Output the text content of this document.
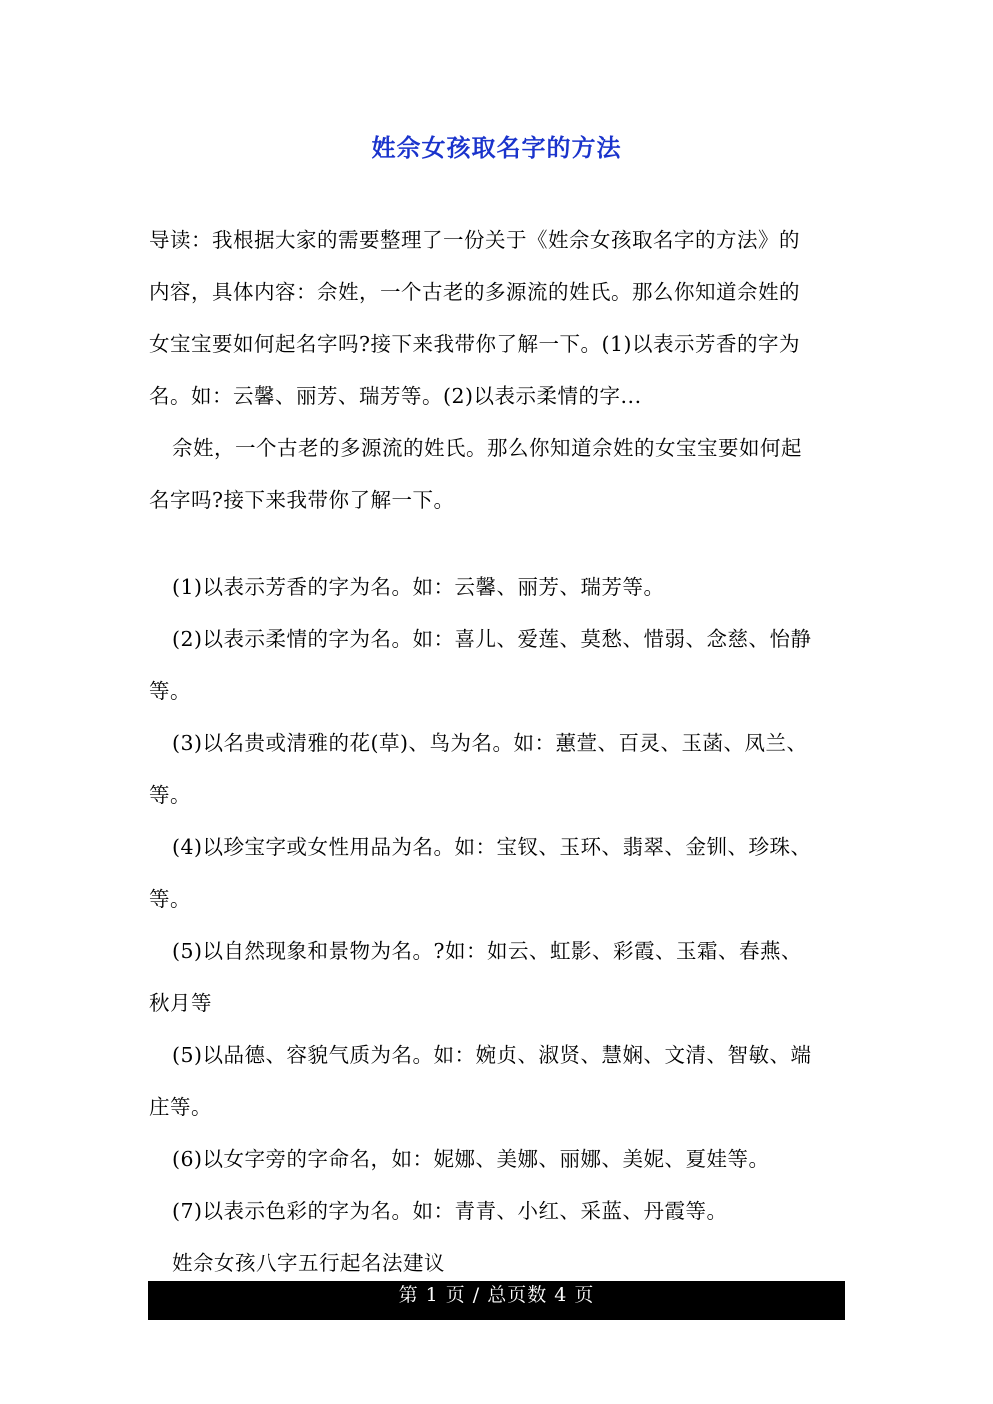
姓佘女孩取名字的方法

导读：我根据大家的需要整理了一份关于《姓佘女孩取名字的方法》的

内容，具体内容：佘姓，一个古老的多源流的姓氏。那么你知道佘姓的

女宝宝要如何起名字吗?接下来我带你了解一下。(1)以表示芳香的字为

名。如：云馨、丽芳、瑞芳等。(2)以表示柔情的字...

佘姓，一个古老的多源流的姓氏。那么你知道佘姓的女宝宝要如何起

名字吗?接下来我带你了解一下。

(1)以表示芳香的字为名。如：云馨、丽芳、瑞芳等。

(2)以表示柔情的字为名。如：喜儿、爱莲、莫愁、惜弱、念慈、怡静

等。

(3)以名贵或清雅的花(草)、鸟为名。如：蕙萱、百灵、玉菡、凤兰、

等。

(4)以珍宝字或女性用品为名。如：宝钗、玉环、翡翠、金钏、珍珠、

等。

(5)以自然现象和景物为名。?如：如云、虹影、彩霞、玉霜、春燕、

秋月等

(5)以品德、容貌气质为名。如：婉贞、淑贤、慧娴、文清、智敏、端

庄等。

(6)以女字旁的字命名，如：妮娜、美娜、丽娜、美妮、夏娃等。

(7)以表示色彩的字为名。如：青青、小红、采蓝、丹霞等。

姓佘女孩八字五行起名法建议

第 1 页 / 总页数 4 页
